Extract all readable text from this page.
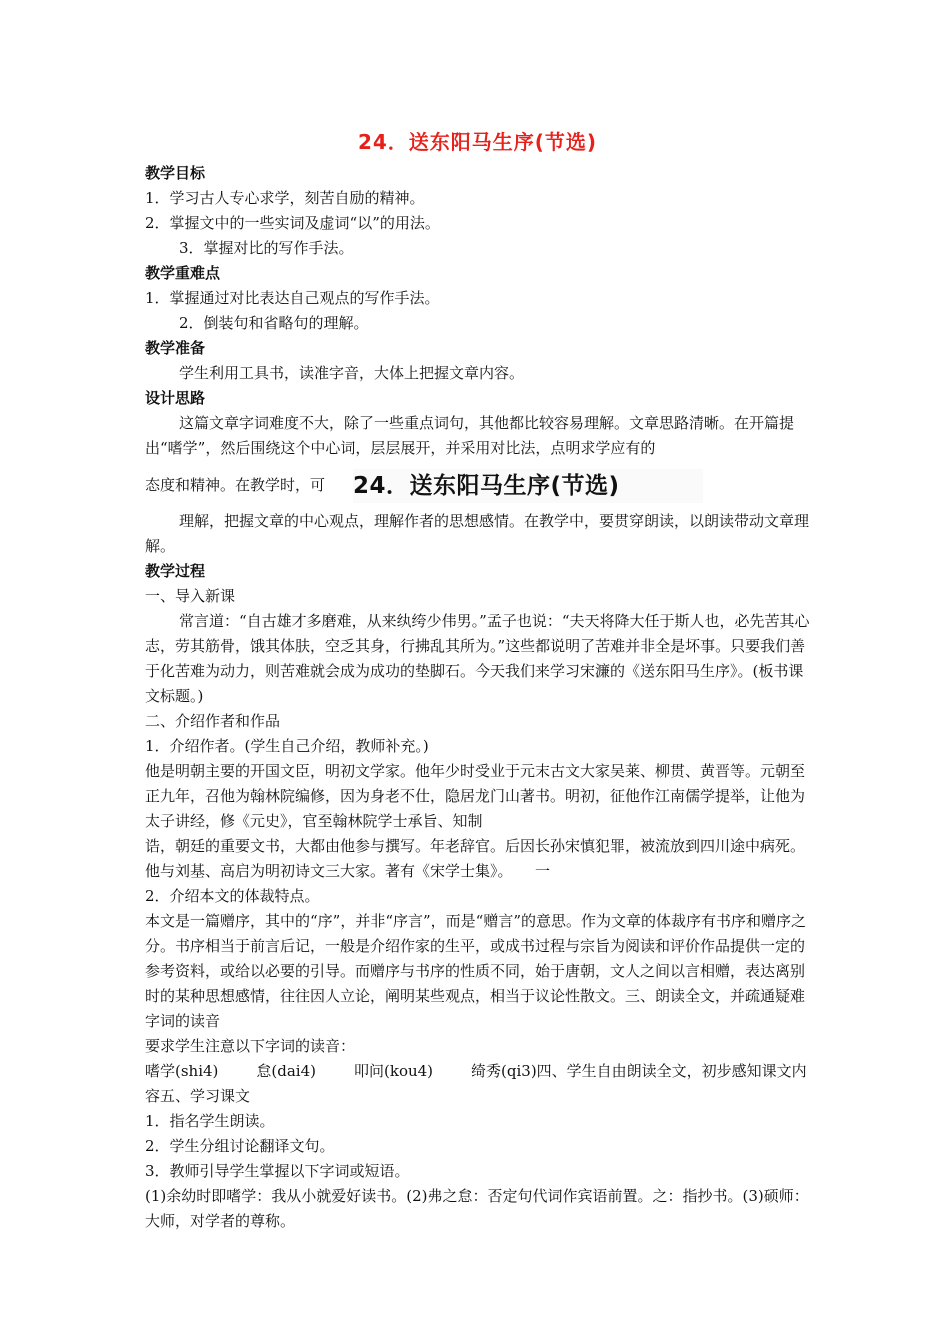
24．送东阳马生序(节选)
教学目标

1．学习古人专心求学，刻苦自励的精神。

2．掌握文中的一些实词及虚词“以”的用法。

3．掌握对比的写作手法。

教学重难点

1．掌握通过对比表达自己观点的写作手法。

2．倒装句和省略句的理解。

教学准备

学生利用工具书，读准字音，大体上把握文章内容。

设计思路

这篇文章字词难度不大，除了一些重点词句，其他都比较容易理解。文章思路清晰。在开篇提出“嗜学”，然后围绕这个中心词，层层展开，并采用对比法，点明求学应有的

态度和精神。在教学时，可 24．送东阳马生序(节选)

理解，把握文章的中心观点，理解作者的思想感情。在教学中，要贯穿朗读，以朗读带动文章理解。

教学过程

一、导入新课

常言道：“自古雄才多磨难，从来纨绔少伟男。”孟子也说：“夫天将降大任于斯人也，必先苦其心志，劳其筋骨，饿其体肤，空乏其身，行拂乱其所为。”这些都说明了苦难并非全是坏事。只要我们善于化苦难为动力，则苦难就会成为成功的垫脚石。今天我们来学习宋濂的《送东阳马生序》。(板书课文标题。)

二、介绍作者和作品

1．介绍作者。(学生自己介绍，教师补充。)

他是明朝主要的开国文臣，明初文学家。他年少时受业于元末古文大家吴莱、柳贯、黄晋等。元朝至正九年，召他为翰林院编修，因为身老不仕，隐居龙门山著书。明初，征他作江南儒学提举，让他为太子讲经，修《元史》，官至翰林院学士承旨、知制

诰，朝廷的重要文书，大都由他参与撰写。年老辞官。后因长孙宋慎犯罪，被流放到四川途中病死。他与刘基、高启为明初诗文三大家。著有《宋学士集》。　　一

2．介绍本文的体裁特点。

本文是一篇赠序，其中的“序”，并非“序言”，而是“赠言”的意思。作为文章的体裁序有书序和赠序之分。书序相当于前言后记，一般是介绍作家的生平，或成书过程与宗旨为阅读和评价作品提供一定的参考资料，或给以必要的引导。而赠序与书序的性质不同，始于唐朝，文人之间以言相赠，表达离别时的某种思想感情，往往因人立论，阐明某些观点，相当于议论性散文。三、朗读全文，并疏通疑难字词的读音

要求学生注意以下字词的读音：

嗜学(shi4)	怠(dai4)	叩问(kou4)	绮秀(qi3)四、学生自由朗读全文，初步感知课文内容五、学习课文

1．指名学生朗读。

2．学生分组讨论翻译文句。

3．教师引导学生掌握以下字词或短语。

(1)余幼时即嗜学：我从小就爱好读书。(2)弗之怠：否定句代词作宾语前置。之：指抄书。(3)硕师：大师，对学者的尊称。
